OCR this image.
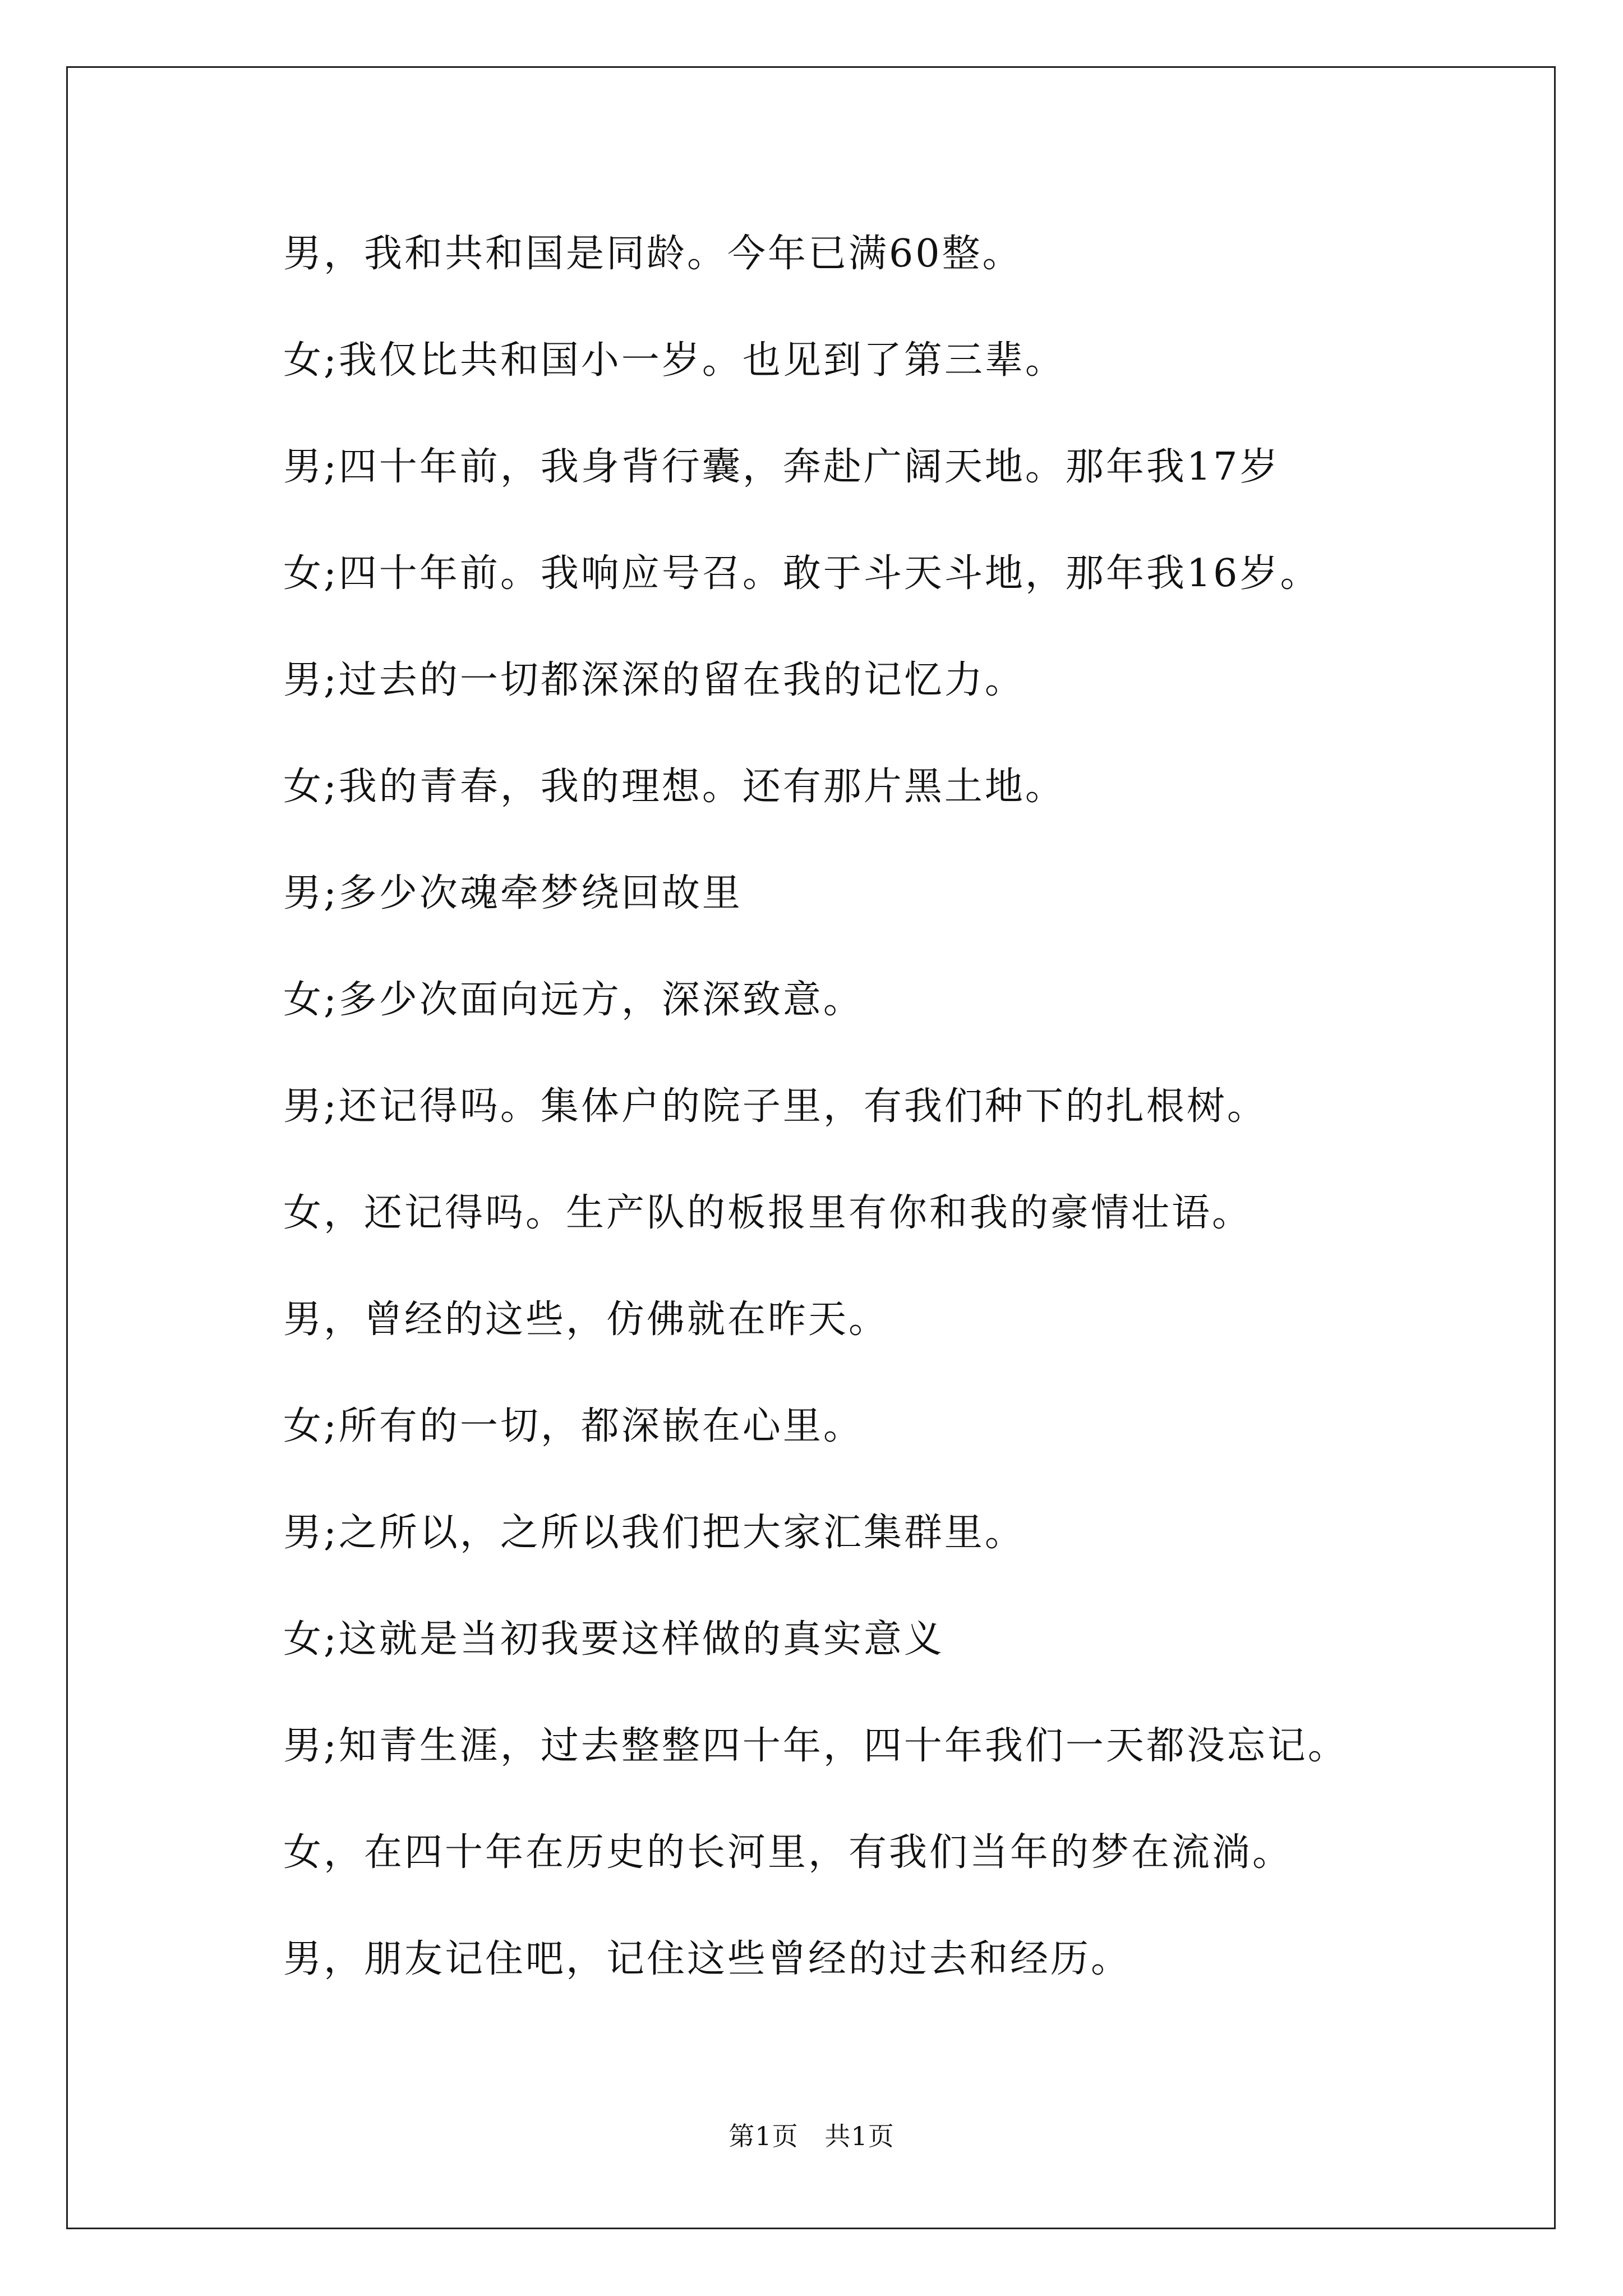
男，我和共和国是同龄。今年已满60整。
女;我仅比共和国小一岁。也见到了第三辈。
男;四十年前，我身背行囊，奔赴广阔天地。那年我17岁
女;四十年前。我响应号召。敢于斗天斗地，那年我16岁。
男;过去的一切都深深的留在我的记忆力。
女;我的青春，我的理想。还有那片黑土地。
男;多少次魂牵梦绕回故里
女;多少次面向远方，深深致意。
男;还记得吗。集体户的院子里，有我们种下的扎根树。
女，还记得吗。生产队的板报里有你和我的豪情壮语。
男，曾经的这些，仿佛就在昨天。
女;所有的一切，都深嵌在心里。
男;之所以，之所以我们把大家汇集群里。
女;这就是当初我要这样做的真实意义
男;知青生涯，过去整整四十年，四十年我们一天都没忘记。
女，在四十年在历史的长河里，有我们当年的梦在流淌。
男，朋友记住吧，记住这些曾经的过去和经历。
第1页   共1页
